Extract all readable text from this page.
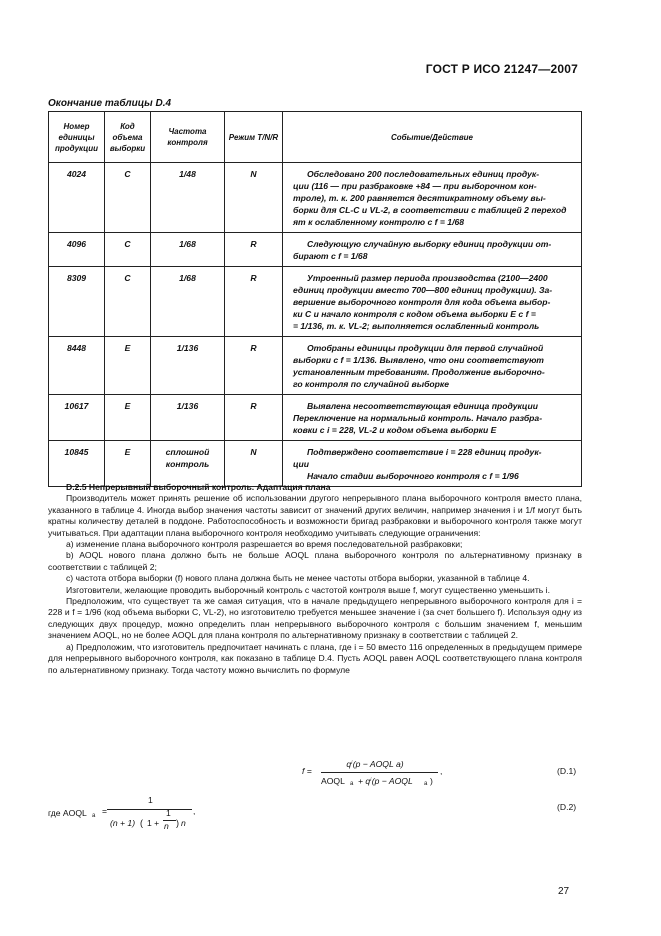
ГОСТ Р ИСО 21247—2007
Окончание таблицы D.4
Номер единицы продукции	Код объема выборки	Частота контроля	Режим T/N/R	Событие/Действие
4024	C	1/48	N	Обследовано 200 последовательных единиц продук-
ции (116 — при разбраковке +84 — при выборочном кон-
троле), т. к. 200 равняется десятикратному объему вы-
борки для CL-C и VL-2, в соответствии с таблицей 2 переход
ят к ослабленному контролю с f = 1/68

4096	C	1/68	R	Следующую случайную выборку единиц продукции от-
бирают с f = 1/68

8309	C	1/68	R	Утроенный размер периода производства (2100—2400
единиц продукции вместо 700—800 единиц продукции). За-
вершение выборочного контроля для кода объема выбор-
ки C и начало контроля с кодом объема выборки E с f =
= 1/136, т. к. VL-2; выполняется ослабленный контроль

8448	E	1/136	R	Отобраны единицы продукции для первой случайной
выборки с f = 1/136. Выявлено, что они соответствуют
установленным требованиям. Продолжение выборочно-
го контроля по случайной выборке

10617	E	1/136	R	Выявлена несоответствующая единица продукции
Переключение на нормальный контроль. Начало разбра-
ковки с i = 228, VL-2 и кодом объема выборки E

10845	E	сплошной контроль	N	Подтверждено соответствие i = 228 единиц продук-
ции
Начало стадии выборочного контроля с f = 1/96

D.2.5 Непрерывный выборочный контроль. Адаптация плана

Производитель может принять решение об использовании другого непрерывного плана выборочного контроля вместо плана, указанного в таблице 4. Иногда выбор значения частоты зависит от значений других величин, например значения i и 1/f могут быть кратны количеству деталей в поддоне. Работоспособность и возможности бригад разбраковки и выборочного контроля также могут учитываться. При адаптации плана выборочного контроля необходимо учитывать следующие ограничения:

a) изменение плана выборочного контроля разрешается во время последовательной разбраковки;

b) AOQL нового плана должно быть не больше AOQL плана выборочного контроля по альтернативному признаку в соответствии с таблицей 2;

c) частота отбора выборки (f) нового плана должна быть не менее частоты отбора выборки, указанной в таблице 4.

Изготовители, желающие проводить выборочный контроль с частотой контроля выше f, могут существенно уменьшить i.

Предположим, что существует та же самая ситуация, что в начале предыдущего непрерывного выборочного контроля для i = 228 и f = 1/96 (код объема выборки C, VL-2), но изготовителю требуется меньшее значение i (за счет большего f). Используя одну из следующих двух процедур, можно определить план непрерывного выборочного контроля с большим значением f, меньшим значением AOQL, но не более AOQL для плана контроля по альтернативному признаку в соответствии с таблицей 2.

a) Предположим, что изготовитель предпочитает начинать с плана, где i = 50 вместо 116 определенных в предыдущем примере для непрерывного выборочного контроля, как показано в таблице D.4. Пусть AOQL равен AOQL соответствующего плана контроля по альтернативному признаку. Тогда частоту можно вычислить по формуле

f =
qⁱ(p − AOQL a)
AOQL a + qⁱ(p − AOQL a )
,	(D.1)
где AOQL a =
1
(n + 1) ( 1 +
1
n ) n
,	(D.2)
27
